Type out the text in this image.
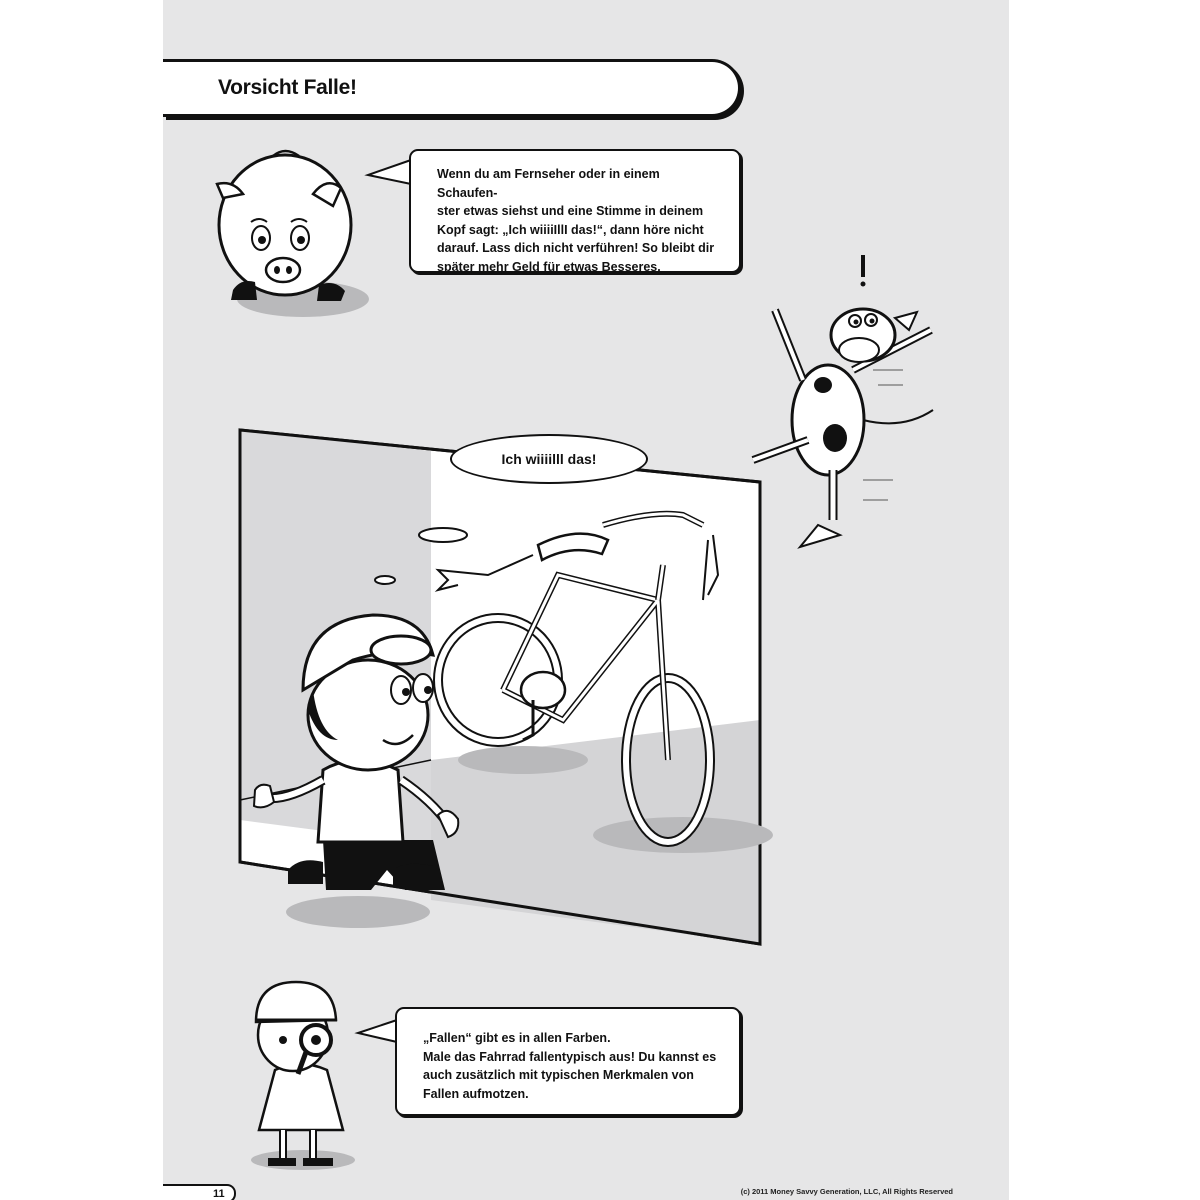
Vorsicht Falle!
Wenn du am Fernseher oder in einem Schaufen-
ster etwas siehst und eine Stimme in deinem
Kopf sagt: „Ich wiiiiIllI das!“, dann höre nicht
darauf. Lass dich nicht verführen! So bleibt dir
später mehr Geld für etwas Besseres.
Ich wiiiilll das!
„Fallen“ gibt es in allen Farben.
Male das Fahrrad fallentypisch aus! Du kannst es
auch zusätzlich mit typischen Merkmalen von
Fallen aufmotzen.
11	(c) 2011 Money Savvy Generation, LLC, All Rights Reserved
